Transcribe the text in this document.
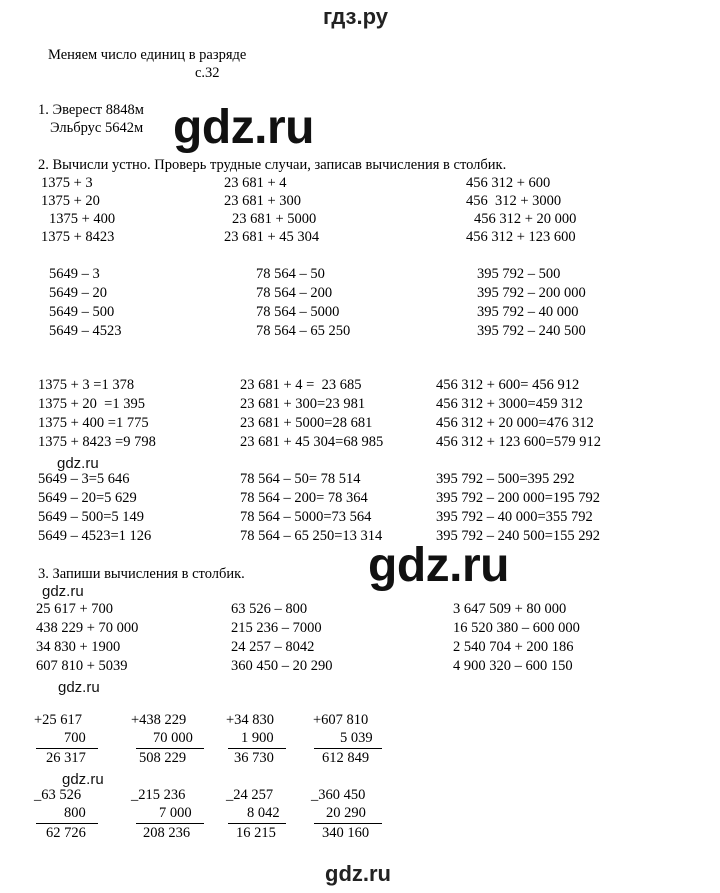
гдз.ру
Меняем число единиц в разряде
с.32
1. Эверест 8848м
Эльбрус 5642м gdz.ru
2. Вычисли устно. Проверь трудные случаи, записав вычисления в столбик.
1375 + 3
1375 + 20
1375 + 400
1375 + 8423
23 681 + 4
23 681 + 300
23 681 + 5000
23 681 + 45 304
456 312 + 600
456  312 + 3000
456 312 + 20 000
456 312 + 123 600
5649 – 3
5649 – 20
5649 – 500
5649 – 4523
78 564 – 50
78 564 – 200
78 564 – 5000
78 564 – 65 250
395 792 – 500
395 792 – 200 000
395 792 – 40 000
395 792 – 240 500
1375 + 3 =1 378
1375 + 20  =1 395
1375 + 400 =1 775
1375 + 8423 =9 798
23 681 + 4 =  23 685
23 681 + 300=23 981
23 681 + 5000=28 681
23 681 + 45 304=68 985
456 312 + 600= 456 912
456 312 + 3000=459 312
456 312 + 20 000=476 312
456 312 + 123 600=579 912
gdz.ru
5649 – 3=5 646
5649 – 20=5 629
5649 – 500=5 149
5649 – 4523=1 126
78 564 – 50= 78 514
78 564 – 200= 78 364
78 564 – 5000=73 564
78 564 – 65 250=13 314
395 792 – 500=395 292
395 792 – 200 000=195 792
395 792 – 40 000=355 792
395 792 – 240 500=155 292
3. Запиши вычисления в столбик.	gdz.ru
gdz.ru
25 617 + 700
438 229 + 70 000
34 830 + 1900
607 810 + 5039
63 526 – 800
215 236 – 7000
24 257 – 8042
360 450 – 20 290
3 647 509 + 80 000
16 520 380 – 600 000
2 540 704 + 200 186
4 900 320 – 600 150
gdz.ru
+25 617
700
26 317
+438 229
70 000
508 229
+34 830
1 900
36 730
+607 810
5 039
612 849
gdz.ru
_63 526
800
62 726
_215 236
7 000
208 236
_24 257
8 042
16 215
_360 450
20 290
340 160
gdz.ru
